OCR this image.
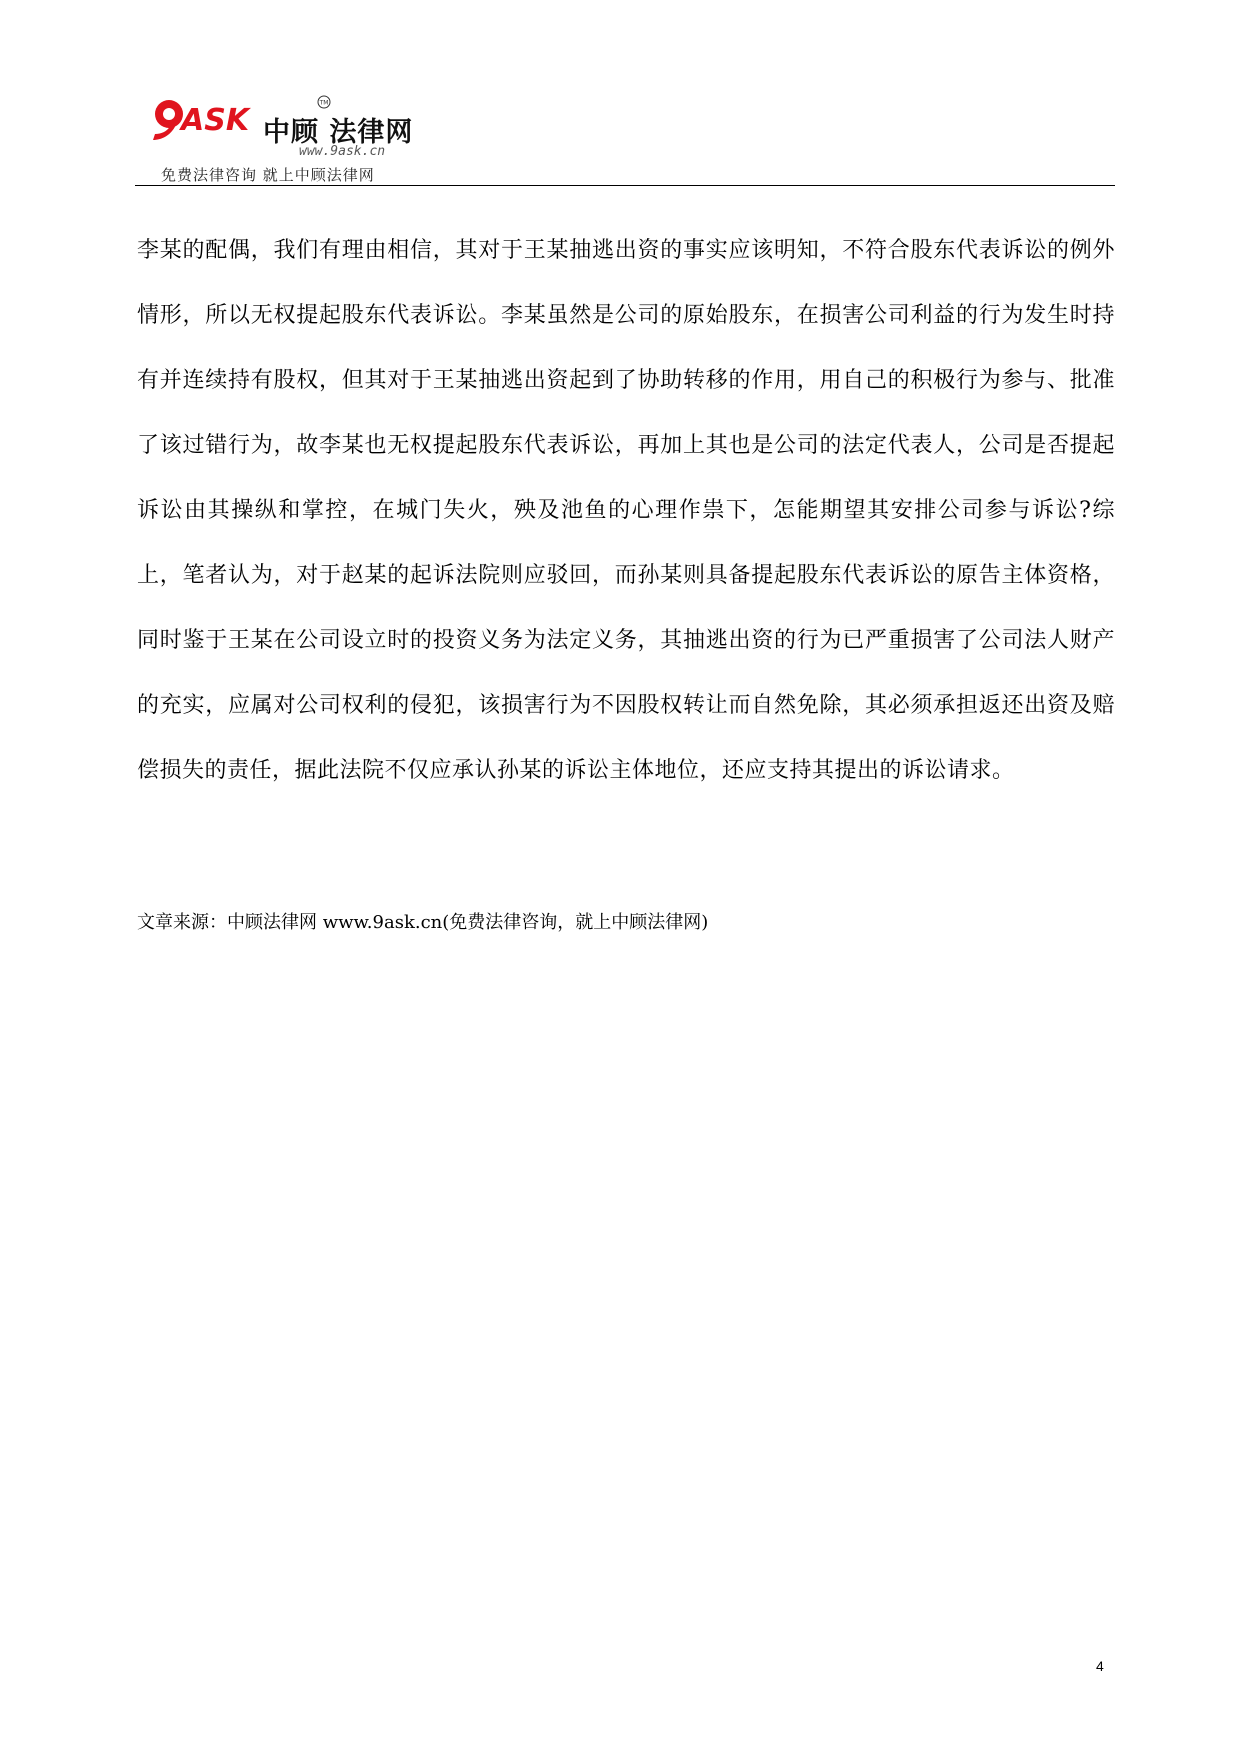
ASK	TM
中顾 法律网
www.9ask.cn
免费法律咨询 就上中顾法律网

李某的配偶，我们有理由相信，其对于王某抽逃出资的事实应该明知，不符合股东代表诉讼的例外情形，所以无权提起股东代表诉讼。李某虽然是公司的原始股东，在损害公司利益的行为发生时持有并连续持有股权，但其对于王某抽逃出资起到了协助转移的作用，用自己的积极行为参与、批准了该过错行为，故李某也无权提起股东代表诉讼，再加上其也是公司的法定代表人，公司是否提起诉讼由其操纵和掌控，在城门失火，殃及池鱼的心理作祟下，怎能期望其安排公司参与诉讼?综上，笔者认为，对于赵某的起诉法院则应驳回，而孙某则具备提起股东代表诉讼的原告主体资格，同时鉴于王某在公司设立时的投资义务为法定义务，其抽逃出资的行为已严重损害了公司法人财产的充实，应属对公司权利的侵犯，该损害行为不因股权转让而自然免除，其必须承担返还出资及赔偿损失的责任，据此法院不仅应承认孙某的诉讼主体地位，还应支持其提出的诉讼请求。

文章来源：中顾法律网 www.9ask.cn(免费法律咨询，就上中顾法律网)

4
